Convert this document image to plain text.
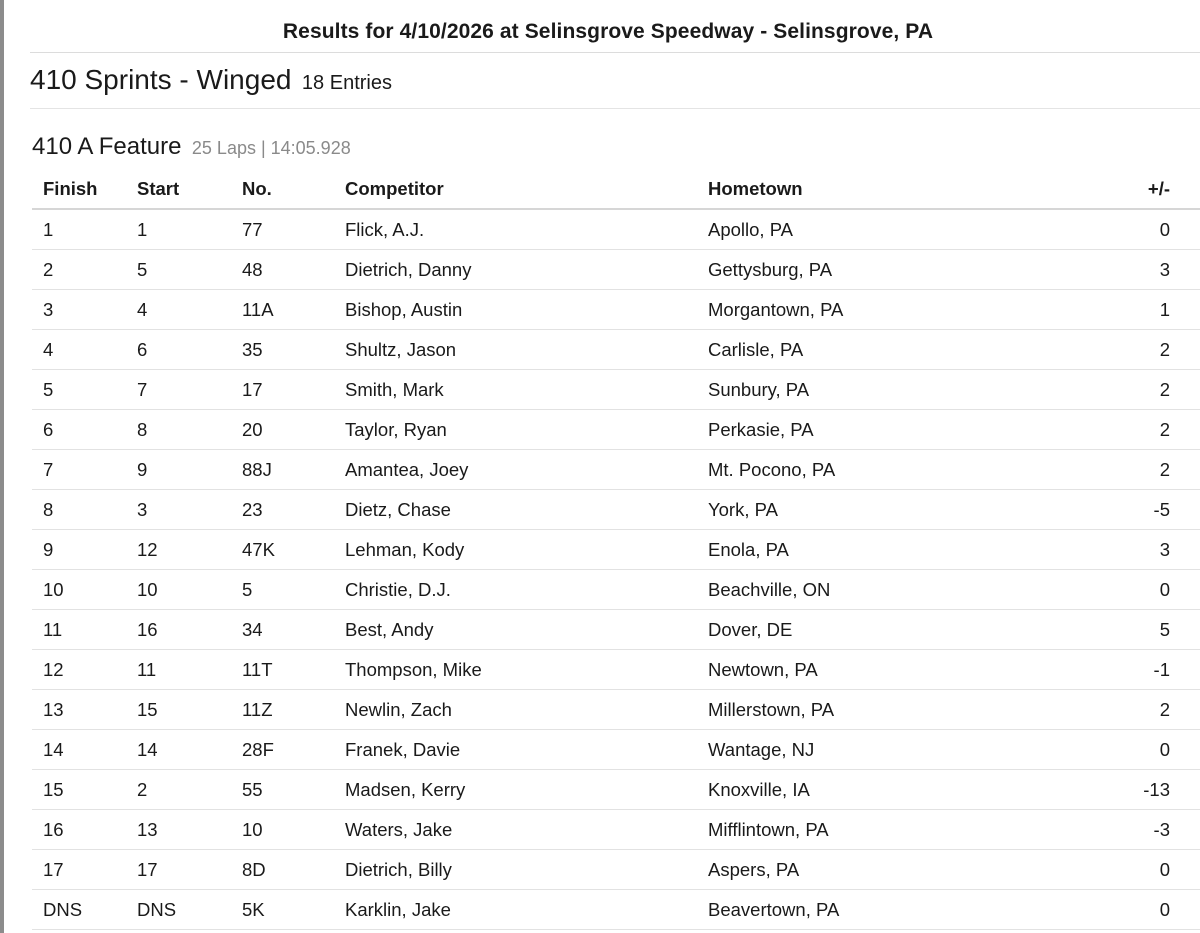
Results for 4/10/2026 at Selinsgrove Speedway - Selinsgrove, PA
410 Sprints - Winged 18 Entries
410 A Feature 25 Laps | 14:05.928
Finish	Start	No.	Competitor	Hometown	+/-
1	1	77	Flick, A.J.	Apollo, PA	0
2	5	48	Dietrich, Danny	Gettysburg, PA	3
3	4	11A	Bishop, Austin	Morgantown, PA	1
4	6	35	Shultz, Jason	Carlisle, PA	2
5	7	17	Smith, Mark	Sunbury, PA	2
6	8	20	Taylor, Ryan	Perkasie, PA	2
7	9	88J	Amantea, Joey	Mt. Pocono, PA	2
8	3	23	Dietz, Chase	York, PA	-5
9	12	47K	Lehman, Kody	Enola, PA	3
10	10	5	Christie, D.J.	Beachville, ON	0
11	16	34	Best, Andy	Dover, DE	5
12	11	11T	Thompson, Mike	Newtown, PA	-1
13	15	11Z	Newlin, Zach	Millerstown, PA	2
14	14	28F	Franek, Davie	Wantage, NJ	0
15	2	55	Madsen, Kerry	Knoxville, IA	-13
16	13	10	Waters, Jake	Mifflintown, PA	-3
17	17	8D	Dietrich, Billy	Aspers, PA	0
DNS	DNS	5K	Karklin, Jake	Beavertown, PA	0
